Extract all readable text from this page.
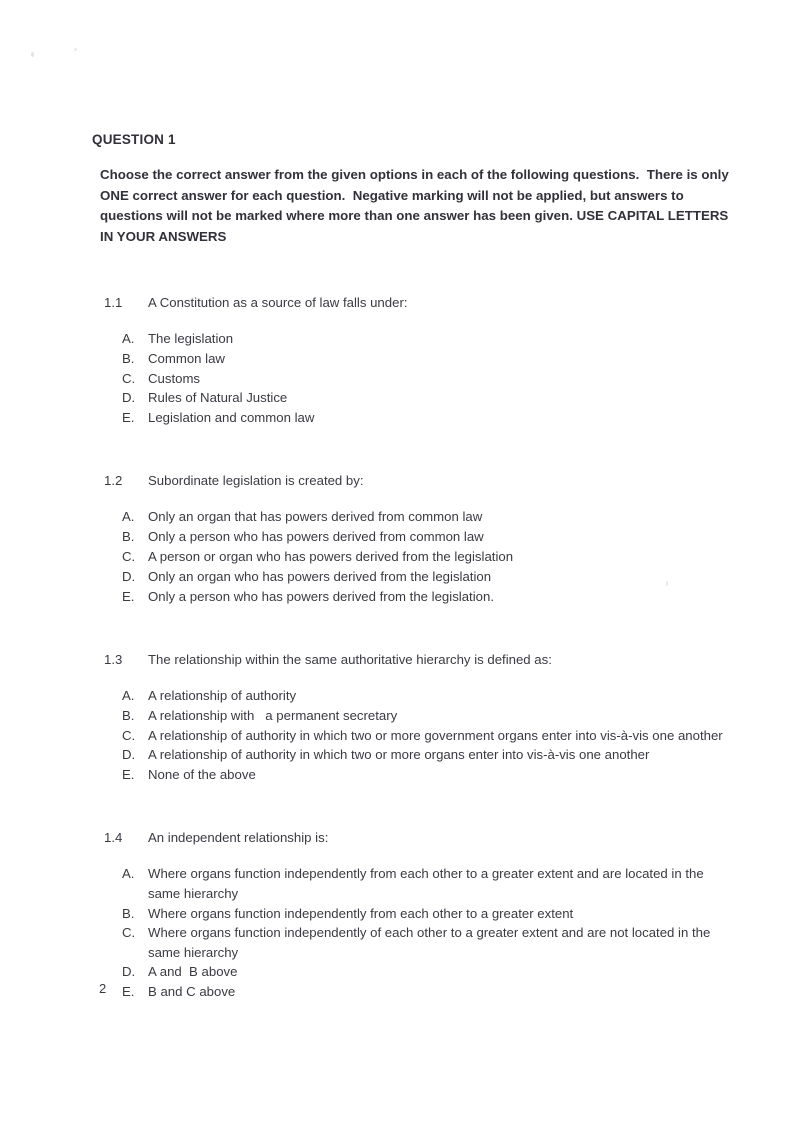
QUESTION 1

Choose the correct answer from the given options in each of the following questions.  There is only ONE correct answer for each question.  Negative marking will not be applied, but answers to questions will not be marked where more than one answer has been given. USE CAPITAL LETTERS IN YOUR ANSWERS

1.1	A Constitution as a source of law falls under:
A.	The legislation
B.	Common law
C. Customs
D. Rules of Natural Justice
E.	Legislation and common law
1.2	Subordinate legislation is created by:
A.	Only an organ that has powers derived from common law
B.	Only a person who has powers derived from common law
C. A person or organ who has powers derived from the legislation
D. Only an organ who has powers derived from the legislation
E.	Only a person who has powers derived from the legislation.
1.3	The relationship within the same authoritative hierarchy is defined as:
A.	A relationship of authority
B.	A relationship with   a permanent secretary
C. A relationship of authority in which two or more government organs enter into vis-à-vis one another
D. A relationship of authority in which two or more organs enter into vis-à-vis one another
E.	None of the above
1.4	An independent relationship is:
A.	Where organs function independently from each other to a greater extent and are located in the same hierarchy
B.	Where organs function independently from each other to a greater extent
C. Where organs function independently of each other to a greater extent and are not located in the same hierarchy
D. A and  B above
E.	B and C above
2
